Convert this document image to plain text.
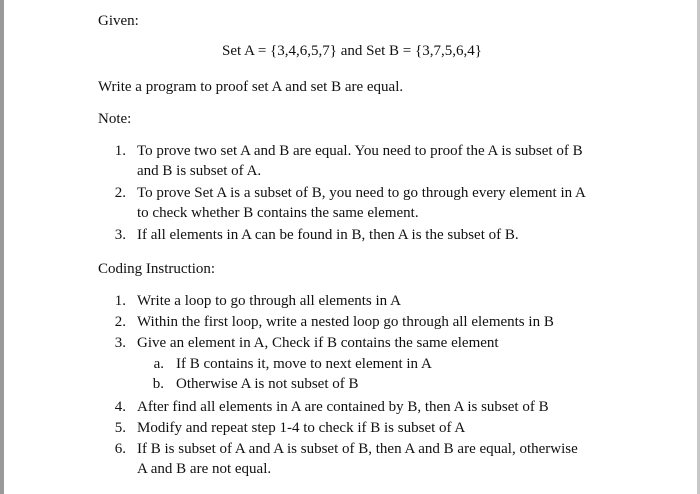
Given:
Set A = {3,4,6,5,7} and Set B = {3,7,5,6,4}
Write a program to proof set A and set B are equal.
Note:
1. To prove two set A and B are equal. You need to proof the A is subset of B
and B is subset of A.
2. To prove Set A is a subset of B, you need to go through every element in A
to check whether B contains the same element.
3. If all elements in A can be found in B, then A is the subset of B.
Coding Instruction:
1. Write a loop to go through all elements in A
2. Within the first loop, write a nested loop go through all elements in B
3. Give an element in A, Check if B contains the same element
a. If B contains it, move to next element in A
b. Otherwise A is not subset of B
4. After find all elements in A are contained by B, then A is subset of B
5. Modify and repeat step 1-4 to check if B is subset of A
6. If B is subset of A and A is subset of B, then A and B are equal, otherwise
A and B are not equal.
